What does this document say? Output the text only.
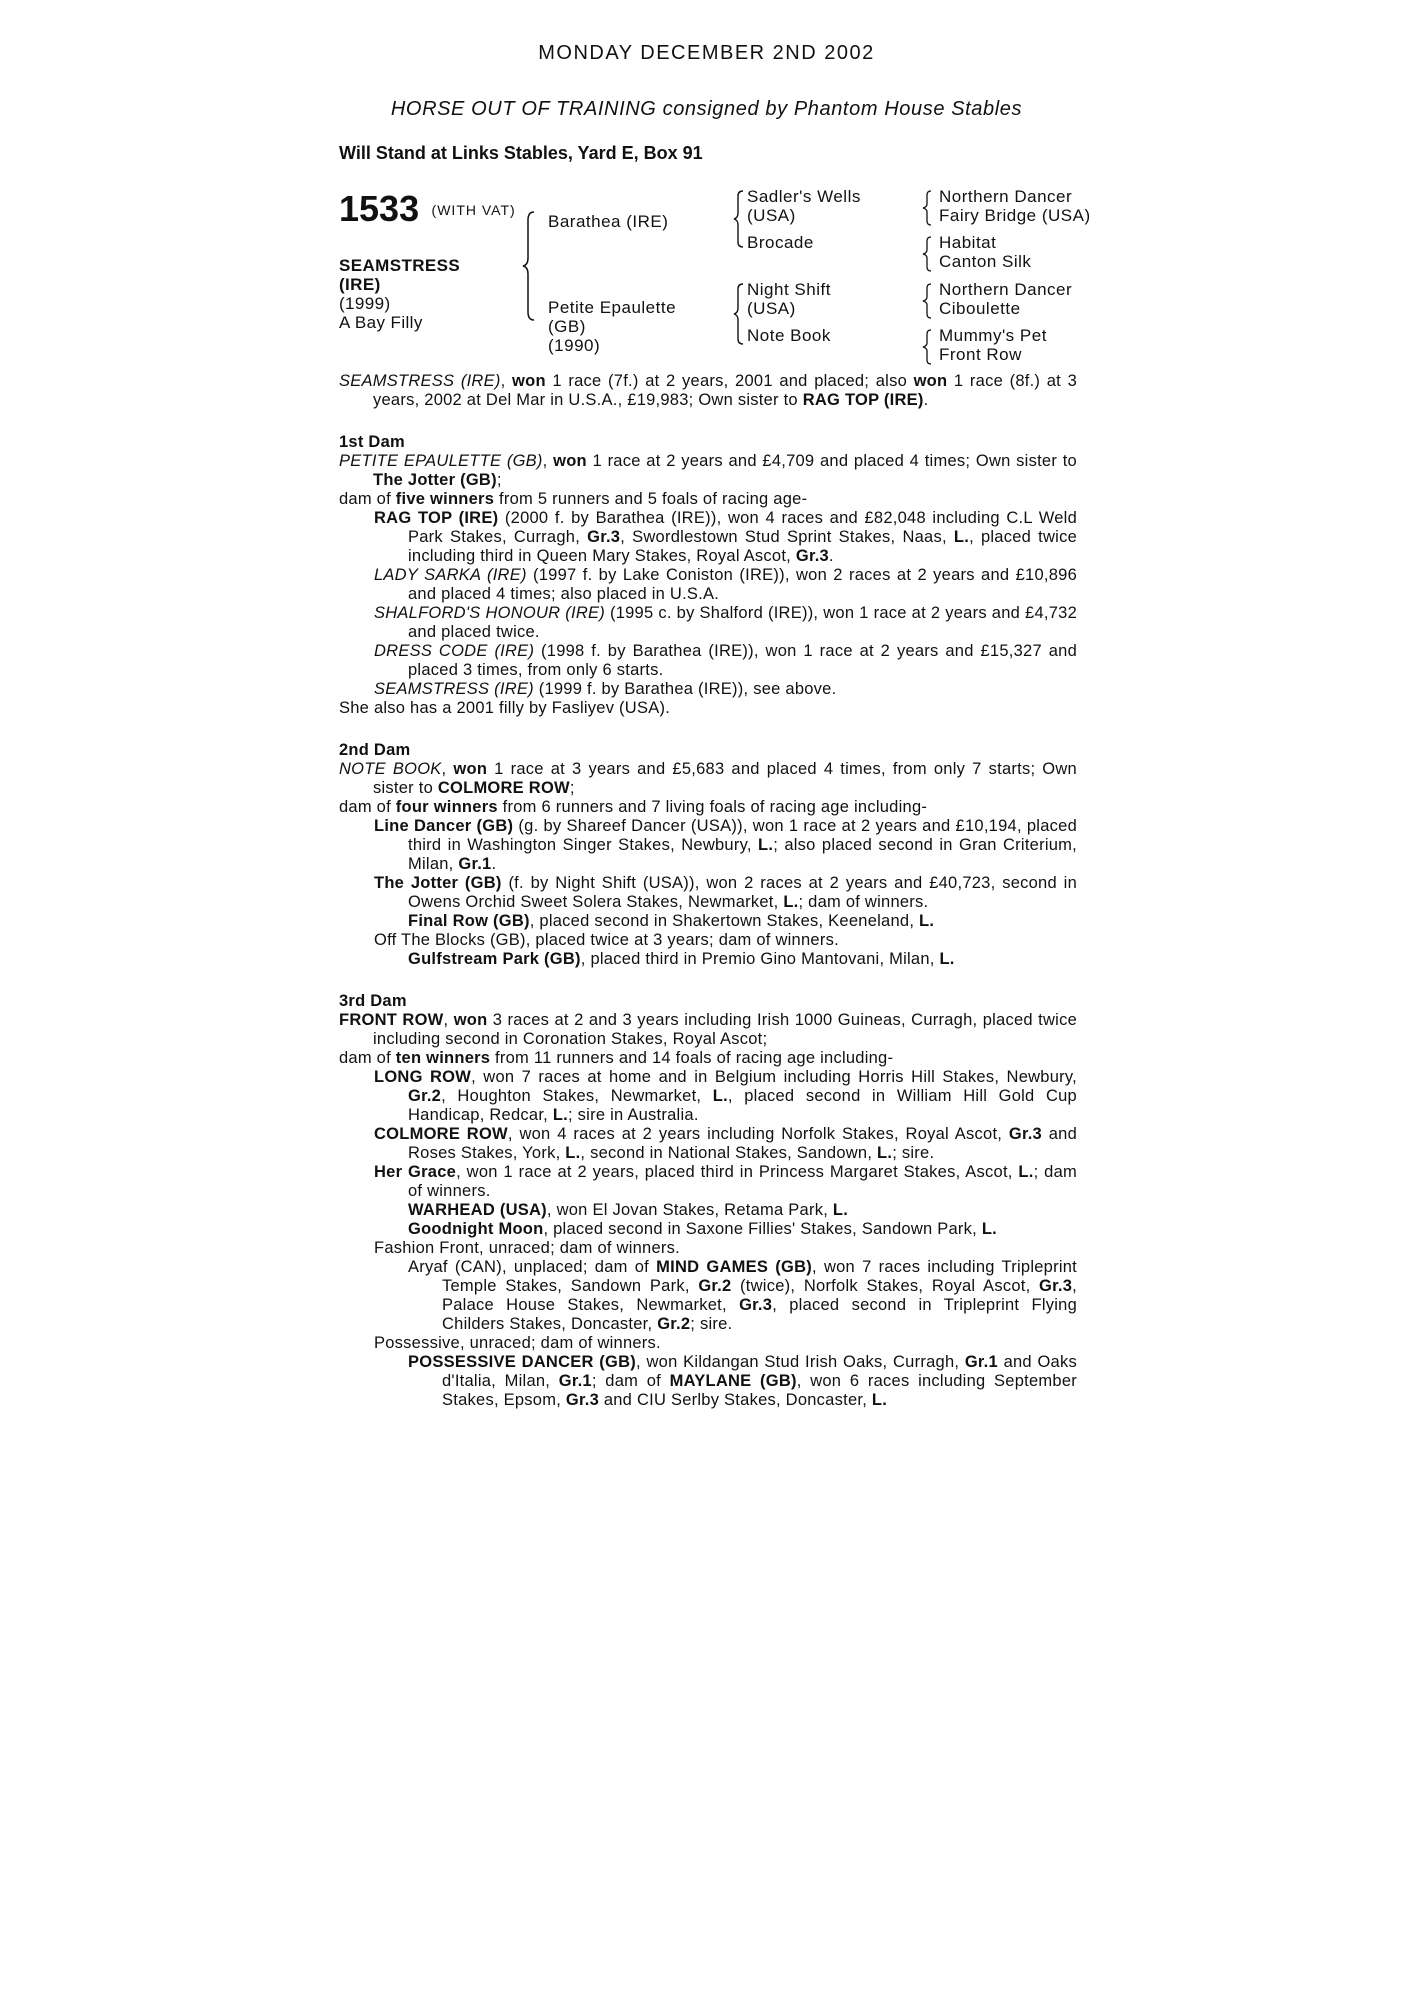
MONDAY DECEMBER 2ND 2002
HORSE OUT OF TRAINING consigned by Phantom House Stables
Will Stand at Links Stables, Yard E, Box 91
1533 (WITH VAT)
SEAMSTRESS
(IRE)
(1999)
A Bay Filly
Barathea (IRE)
Petite Epaulette
(GB)
(1990)
Sadler's Wells
(USA)
Brocade
Night Shift
(USA)
Note Book
Northern Dancer
Fairy Bridge (USA)
Habitat
Canton Silk
Northern Dancer
Ciboulette
Mummy's Pet
Front Row

SEAMSTRESS (IRE), won 1 race (7f.) at 2 years, 2001 and placed; also won 1 race (8f.) at 3 years, 2002 at Del Mar in U.S.A., £19,983; Own sister to RAG TOP (IRE).

1st Dam

PETITE EPAULETTE (GB), won 1 race at 2 years and £4,709 and placed 4 times; Own sister to The Jotter (GB);

dam of five winners from 5 runners and 5 foals of racing age-

RAG TOP (IRE) (2000 f. by Barathea (IRE)), won 4 races and £82,048 including C.L Weld Park Stakes, Curragh, Gr.3, Swordlestown Stud Sprint Stakes, Naas, L., placed twice including third in Queen Mary Stakes, Royal Ascot, Gr.3.

LADY SARKA (IRE) (1997 f. by Lake Coniston (IRE)), won 2 races at 2 years and £10,896 and placed 4 times; also placed in U.S.A.

SHALFORD'S HONOUR (IRE) (1995 c. by Shalford (IRE)), won 1 race at 2 years and £4,732 and placed twice.

DRESS CODE (IRE) (1998 f. by Barathea (IRE)), won 1 race at 2 years and £15,327 and placed 3 times, from only 6 starts.

SEAMSTRESS (IRE) (1999 f. by Barathea (IRE)), see above.

She also has a 2001 filly by Fasliyev (USA).

2nd Dam

NOTE BOOK, won 1 race at 3 years and £5,683 and placed 4 times, from only 7 starts; Own sister to COLMORE ROW;

dam of four winners from 6 runners and 7 living foals of racing age including-

Line Dancer (GB) (g. by Shareef Dancer (USA)), won 1 race at 2 years and £10,194, placed third in Washington Singer Stakes, Newbury, L.; also placed second in Gran Criterium, Milan, Gr.1.

The Jotter (GB) (f. by Night Shift (USA)), won 2 races at 2 years and £40,723, second in Owens Orchid Sweet Solera Stakes, Newmarket, L.; dam of winners.

Final Row (GB), placed second in Shakertown Stakes, Keeneland, L.

Off The Blocks (GB), placed twice at 3 years; dam of winners.

Gulfstream Park (GB), placed third in Premio Gino Mantovani, Milan, L.

3rd Dam

FRONT ROW, won 3 races at 2 and 3 years including Irish 1000 Guineas, Curragh, placed twice including second in Coronation Stakes, Royal Ascot;

dam of ten winners from 11 runners and 14 foals of racing age including-

LONG ROW, won 7 races at home and in Belgium including Horris Hill Stakes, Newbury, Gr.2, Houghton Stakes, Newmarket, L., placed second in William Hill Gold Cup Handicap, Redcar, L.; sire in Australia.

COLMORE ROW, won 4 races at 2 years including Norfolk Stakes, Royal Ascot, Gr.3 and Roses Stakes, York, L., second in National Stakes, Sandown, L.; sire.

Her Grace, won 1 race at 2 years, placed third in Princess Margaret Stakes, Ascot, L.; dam of winners.

WARHEAD (USA), won El Jovan Stakes, Retama Park, L.

Goodnight Moon, placed second in Saxone Fillies' Stakes, Sandown Park, L.

Fashion Front, unraced; dam of winners.

Aryaf (CAN), unplaced; dam of MIND GAMES (GB), won 7 races including Tripleprint Temple Stakes, Sandown Park, Gr.2 (twice), Norfolk Stakes, Royal Ascot, Gr.3, Palace House Stakes, Newmarket, Gr.3, placed second in Tripleprint Flying Childers Stakes, Doncaster, Gr.2; sire.

Possessive, unraced; dam of winners.

POSSESSIVE DANCER (GB), won Kildangan Stud Irish Oaks, Curragh, Gr.1 and Oaks d'Italia, Milan, Gr.1; dam of MAYLANE (GB), won 6 races including September Stakes, Epsom, Gr.3 and CIU Serlby Stakes, Doncaster, L.
